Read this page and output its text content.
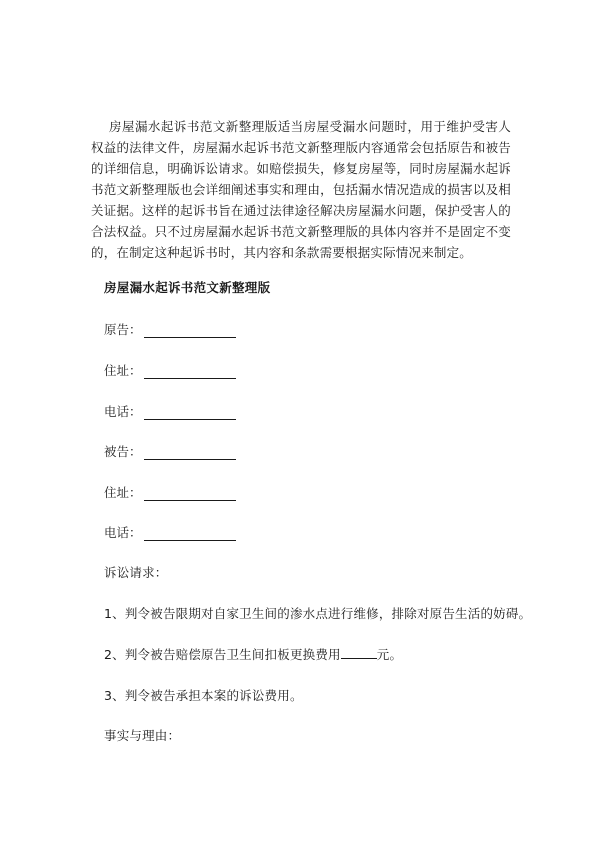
房屋漏水起诉书范文新整理版适当房屋受漏水问题时，用于维护受害人权益的法律文件，房屋漏水起诉书范文新整理版内容通常会包括原告和被告的详细信息，明确诉讼请求。如赔偿损失，修复房屋等，同时房屋漏水起诉书范文新整理版也会详细阐述事实和理由，包括漏水情况造成的损害以及相关证据。这样的起诉书旨在通过法律途径解决房屋漏水问题，保护受害人的合法权益。只不过房屋漏水起诉书范文新整理版的具体内容并不是固定不变的，在制定这种起诉书时，其内容和条款需要根据实际情况来制定。
房屋漏水起诉书范文新整理版
原告：
住址：
电话：
被告：
住址：
电话：
诉讼请求：
1、判令被告限期对自家卫生间的渗水点进行维修，排除对原告生活的妨碍。
2、判令被告赔偿原告卫生间扣板更换费用	元。
3、判令被告承担本案的诉讼费用。
事实与理由：
